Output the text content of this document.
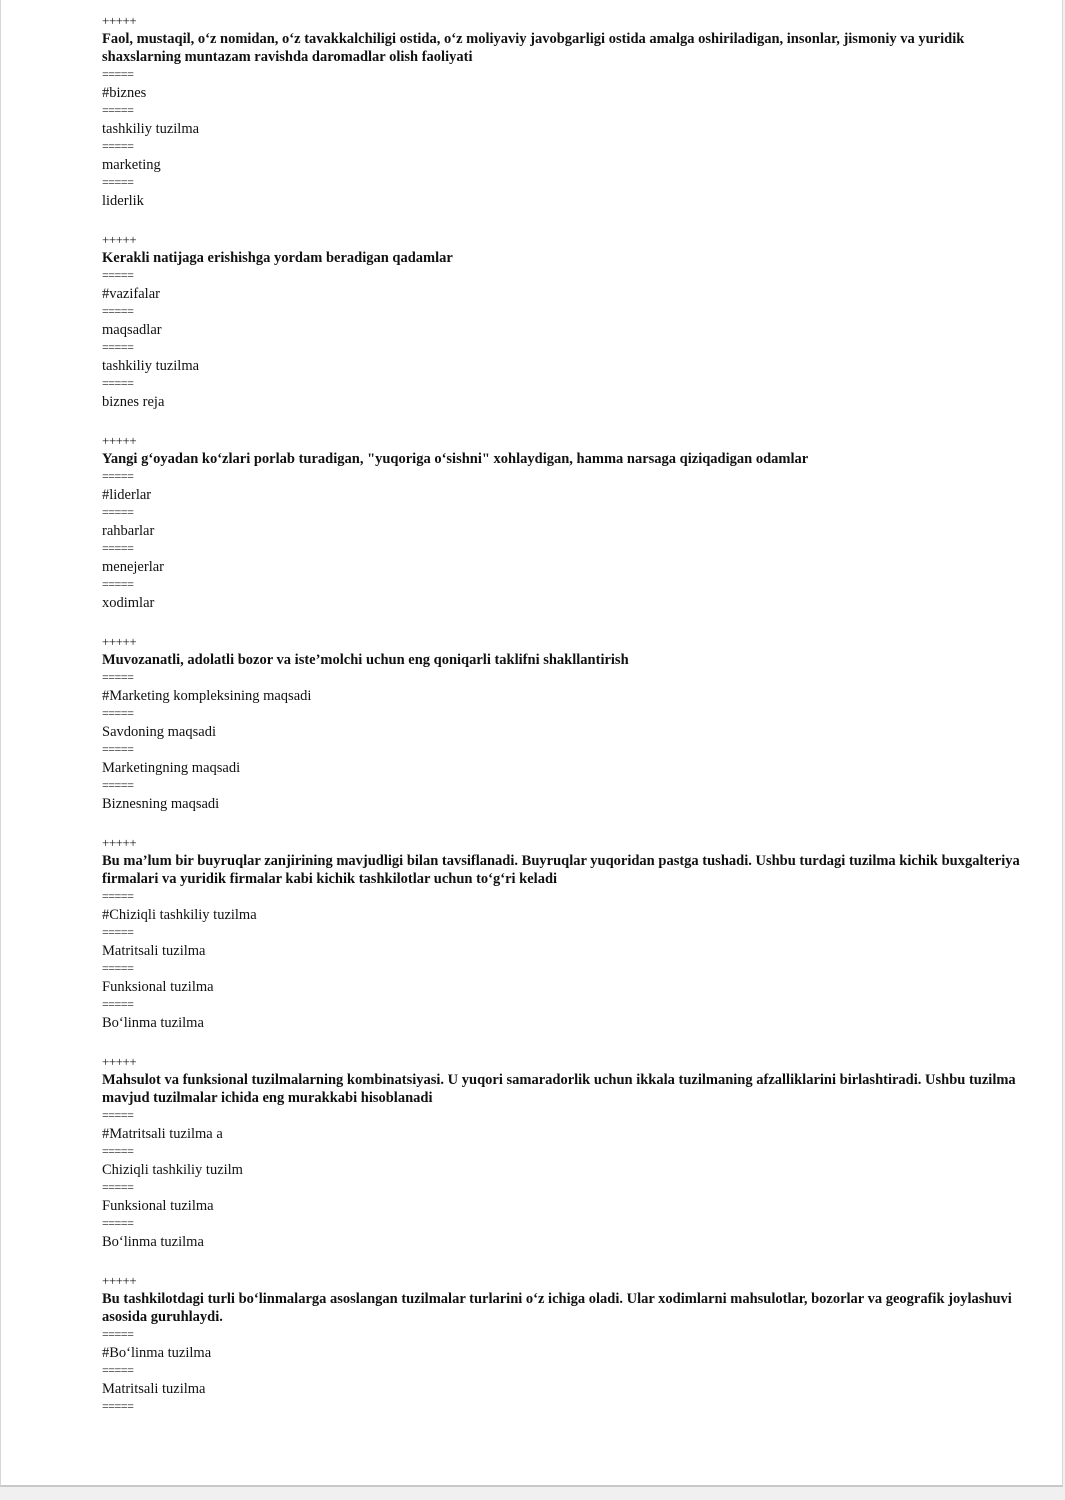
+++++
Faol, mustaqil, o‘z nomidan, o‘z tavakkalchiligi ostida, o‘z moliyaviy javobgarligi ostida amalga oshiriladigan, insonlar, jismoniy va yuridik shaxslarning muntazam ravishda daromadlar olish faoliyati
=====
#biznes
=====
tashkiliy tuzilma
=====
marketing
=====
liderlik
+++++
Kerakli natijaga erishishga yordam beradigan qadamlar
=====
#vazifalar
=====
maqsadlar
=====
tashkiliy tuzilma
=====
biznes reja
+++++
Yangi g‘oyadan ko‘zlari porlab turadigan, "yuqoriga o‘sishni" xohlaydigan, hamma narsaga qiziqadigan odamlar
=====
#liderlar
=====
rahbarlar
=====
menejerlar
=====
xodimlar
+++++
Muvozanatli, adolatli bozor va iste’molchi uchun eng qoniqarli taklifni shakllantirish
=====
#Marketing kompleksining maqsadi
=====
Savdoning maqsadi
=====
Marketingning maqsadi
=====
Biznesning maqsadi
+++++
Bu ma’lum bir buyruqlar zanjirining mavjudligi bilan tavsiflanadi. Buyruqlar yuqoridan pastga tushadi. Ushbu turdagi tuzilma kichik buxgalteriya firmalari va yuridik firmalar kabi kichik tashkilotlar uchun to‘g‘ri keladi
=====
#Chiziqli tashkiliy tuzilma
=====
Matritsali tuzilma
=====
Funksional tuzilma
=====
Bo‘linma tuzilma
+++++
Mahsulot va funksional tuzilmalarning kombinatsiyasi. U yuqori samaradorlik uchun ikkala tuzilmaning afzalliklarini birlashtiradi. Ushbu tuzilma mavjud tuzilmalar ichida eng murakkabi hisoblanadi
=====
#Matritsali tuzilma a
=====
Chiziqli tashkiliy tuzilm
=====
Funksional tuzilma
=====
Bo‘linma tuzilma
+++++
Bu tashkilotdagi turli bo‘linmalarga asoslangan tuzilmalar turlarini o‘z ichiga oladi. Ular xodimlarni mahsulotlar, bozorlar va geografik joylashuvi asosida guruhlaydi.
=====
#Bo‘linma tuzilma
=====
Matritsali tuzilma
=====
